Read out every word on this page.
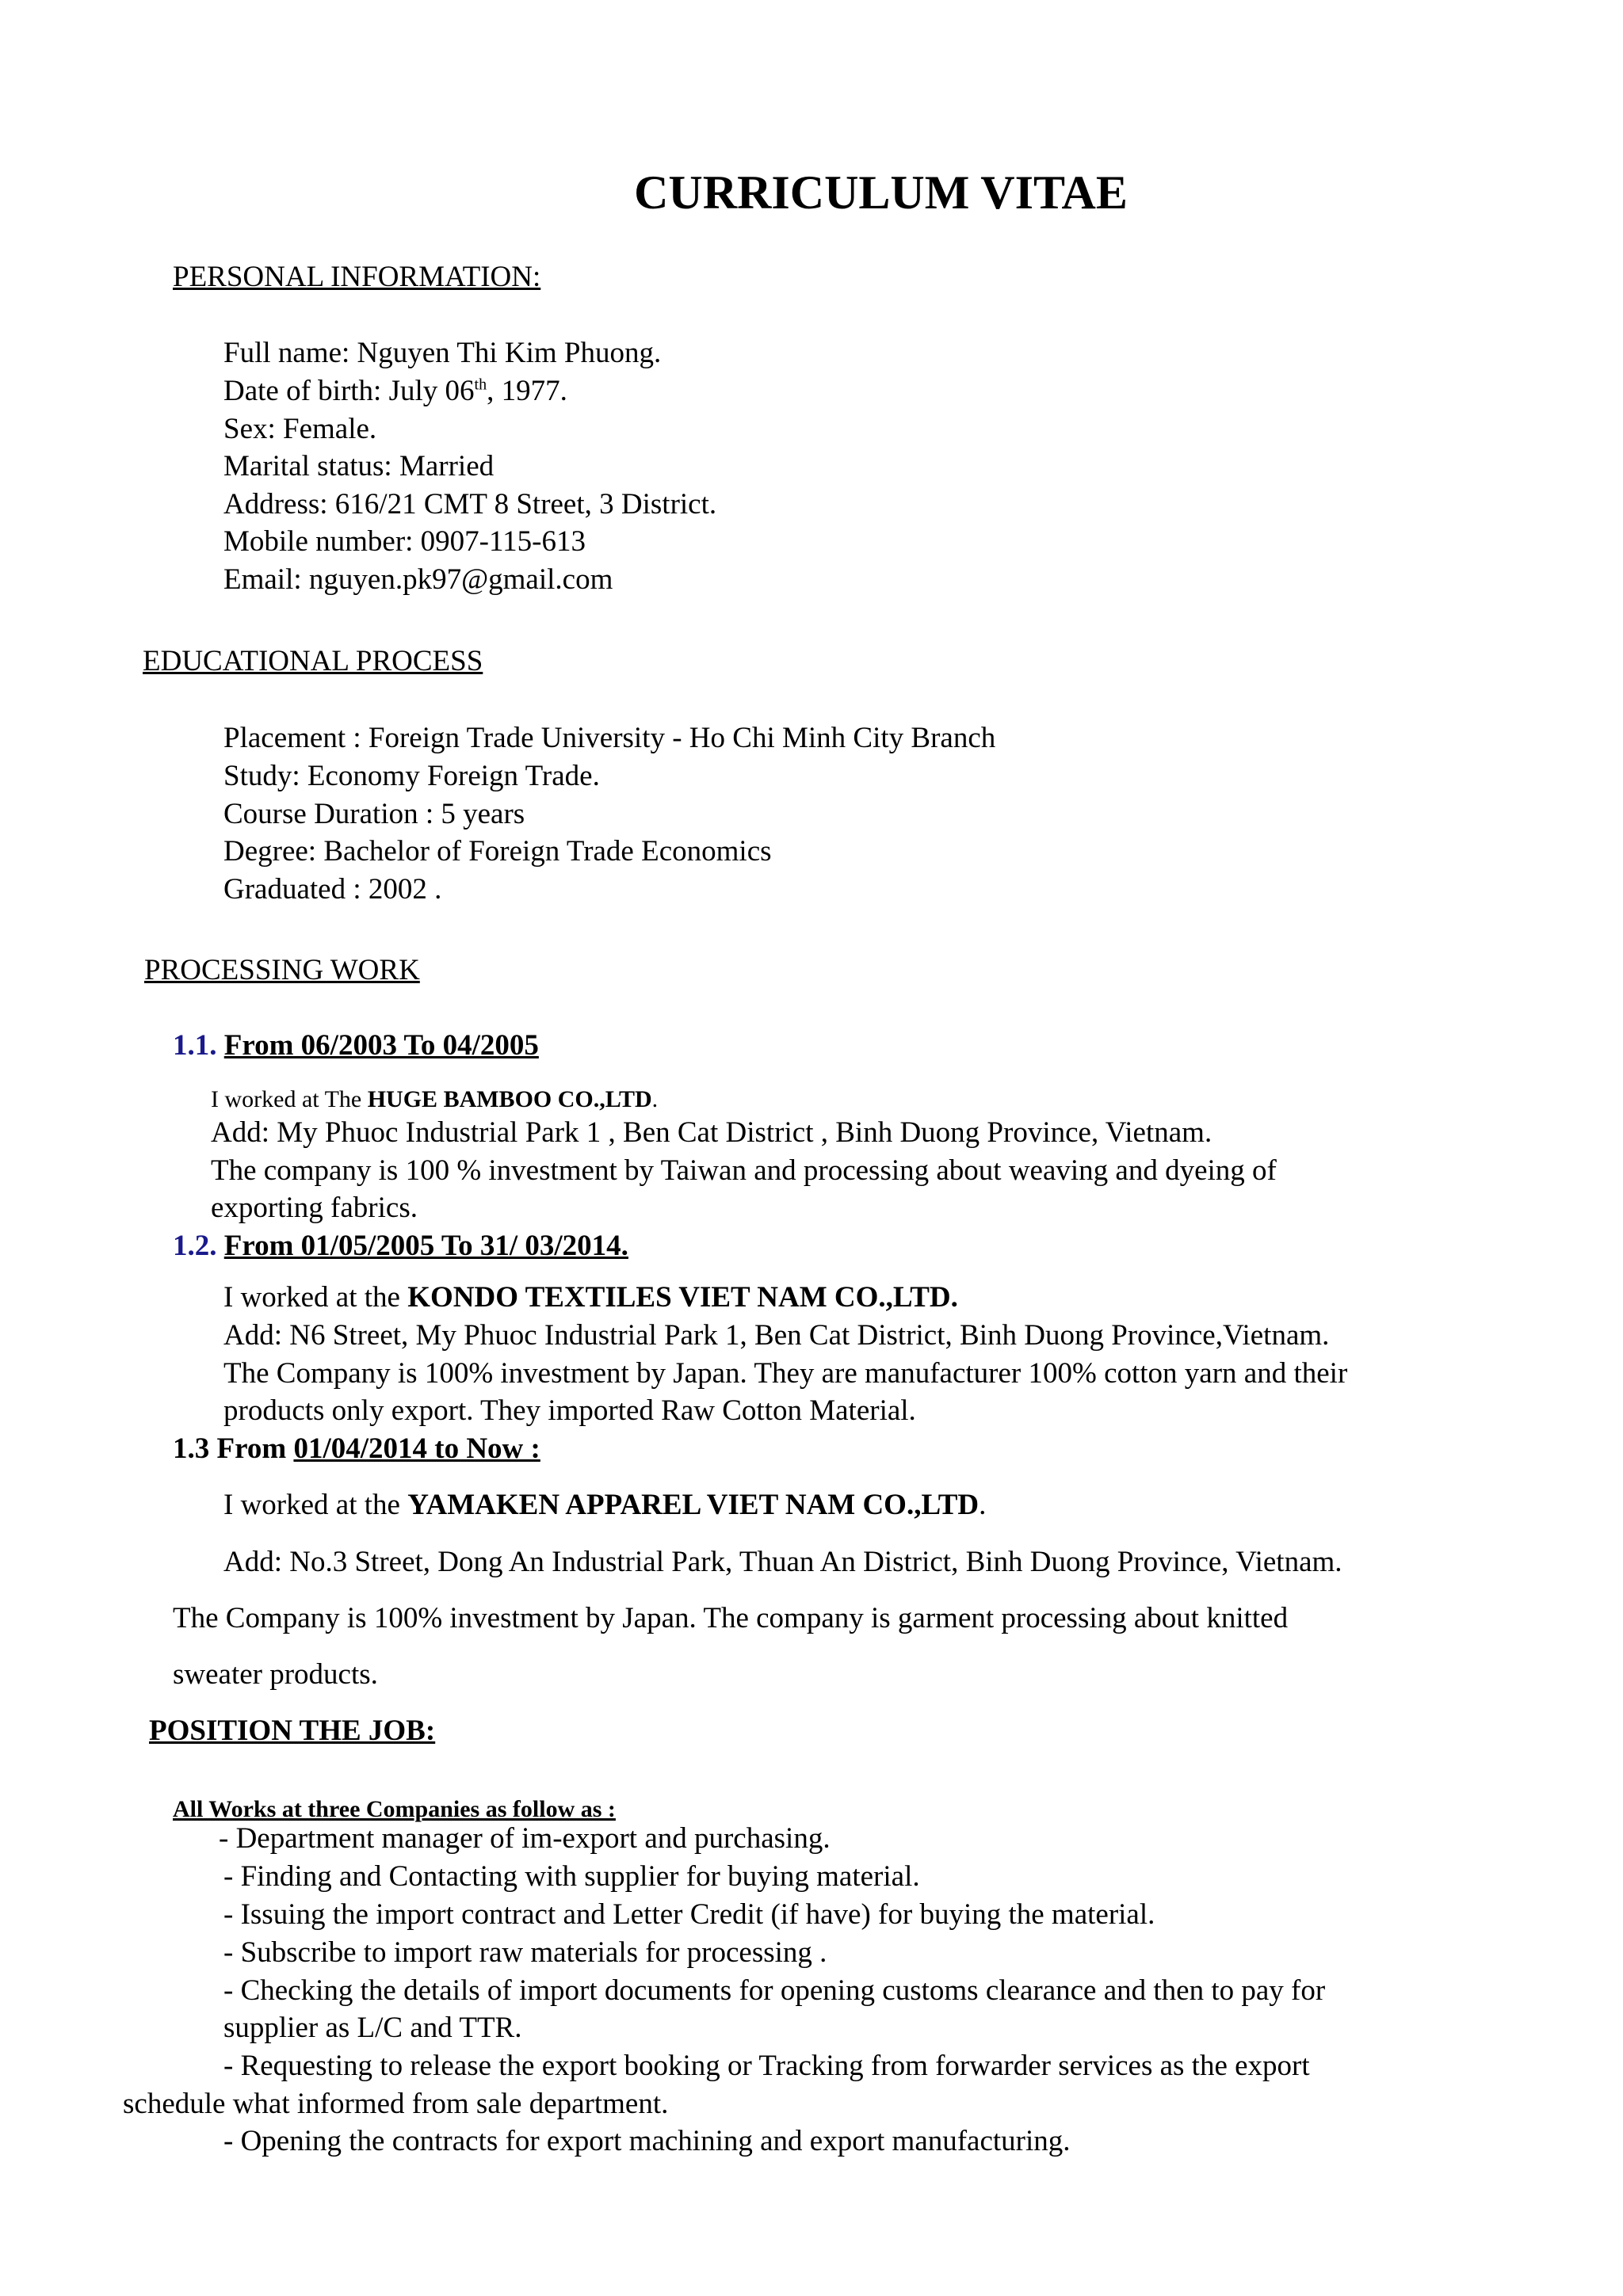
CURRICULUM VITAE
PERSONAL INFORMATION:
Full name: Nguyen Thi Kim Phuong.
Date of birth: July 06th, 1977.
Sex: Female.
Marital status: Married
Address: 616/21 CMT 8 Street, 3 District.
Mobile number: 0907-115-613
Email: nguyen.pk97@gmail.com
EDUCATIONAL PROCESS
Placement : Foreign Trade University - Ho Chi Minh City Branch
Study: Economy Foreign Trade.
Course Duration : 5 years
Degree: Bachelor of Foreign Trade Economics
Graduated : 2002 .
PROCESSING WORK
1.1. From 06/2003 To 04/2005
I worked at The HUGE BAMBOO CO.,LTD.
Add: My Phuoc Industrial Park 1 , Ben Cat District , Binh Duong Province, Vietnam.
The company is 100 % investment by Taiwan and processing about weaving and dyeing of
exporting fabrics.
1.2. From 01/05/2005 To 31/ 03/2014.
I worked at the KONDO TEXTILES VIET NAM CO.,LTD.
Add: N6 Street, My Phuoc Industrial Park 1, Ben Cat District, Binh Duong Province,Vietnam.
The Company is 100% investment by Japan. They are manufacturer 100% cotton yarn and their
products only export. They imported Raw Cotton Material.
1.3 From 01/04/2014 to Now :
I worked at the YAMAKEN APPAREL VIET NAM CO.,LTD.
Add: No.3 Street, Dong An Industrial Park, Thuan An District, Binh Duong Province, Vietnam.
The Company is 100% investment by Japan. The company is garment processing about knitted
sweater products.
POSITION THE JOB:
All Works at three Companies as follow as :
- Department manager of im-export and purchasing.
- Finding and Contacting with supplier for buying material.
- Issuing the import contract and Letter Credit (if have) for buying the material.
- Subscribe to import raw materials for processing .
- Checking the details of import documents for opening customs clearance and then to pay for
supplier as L/C and TTR.
- Requesting to release the export booking or Tracking from forwarder services as the export
schedule what informed from sale department.
- Opening the contracts for export machining and export manufacturing.
